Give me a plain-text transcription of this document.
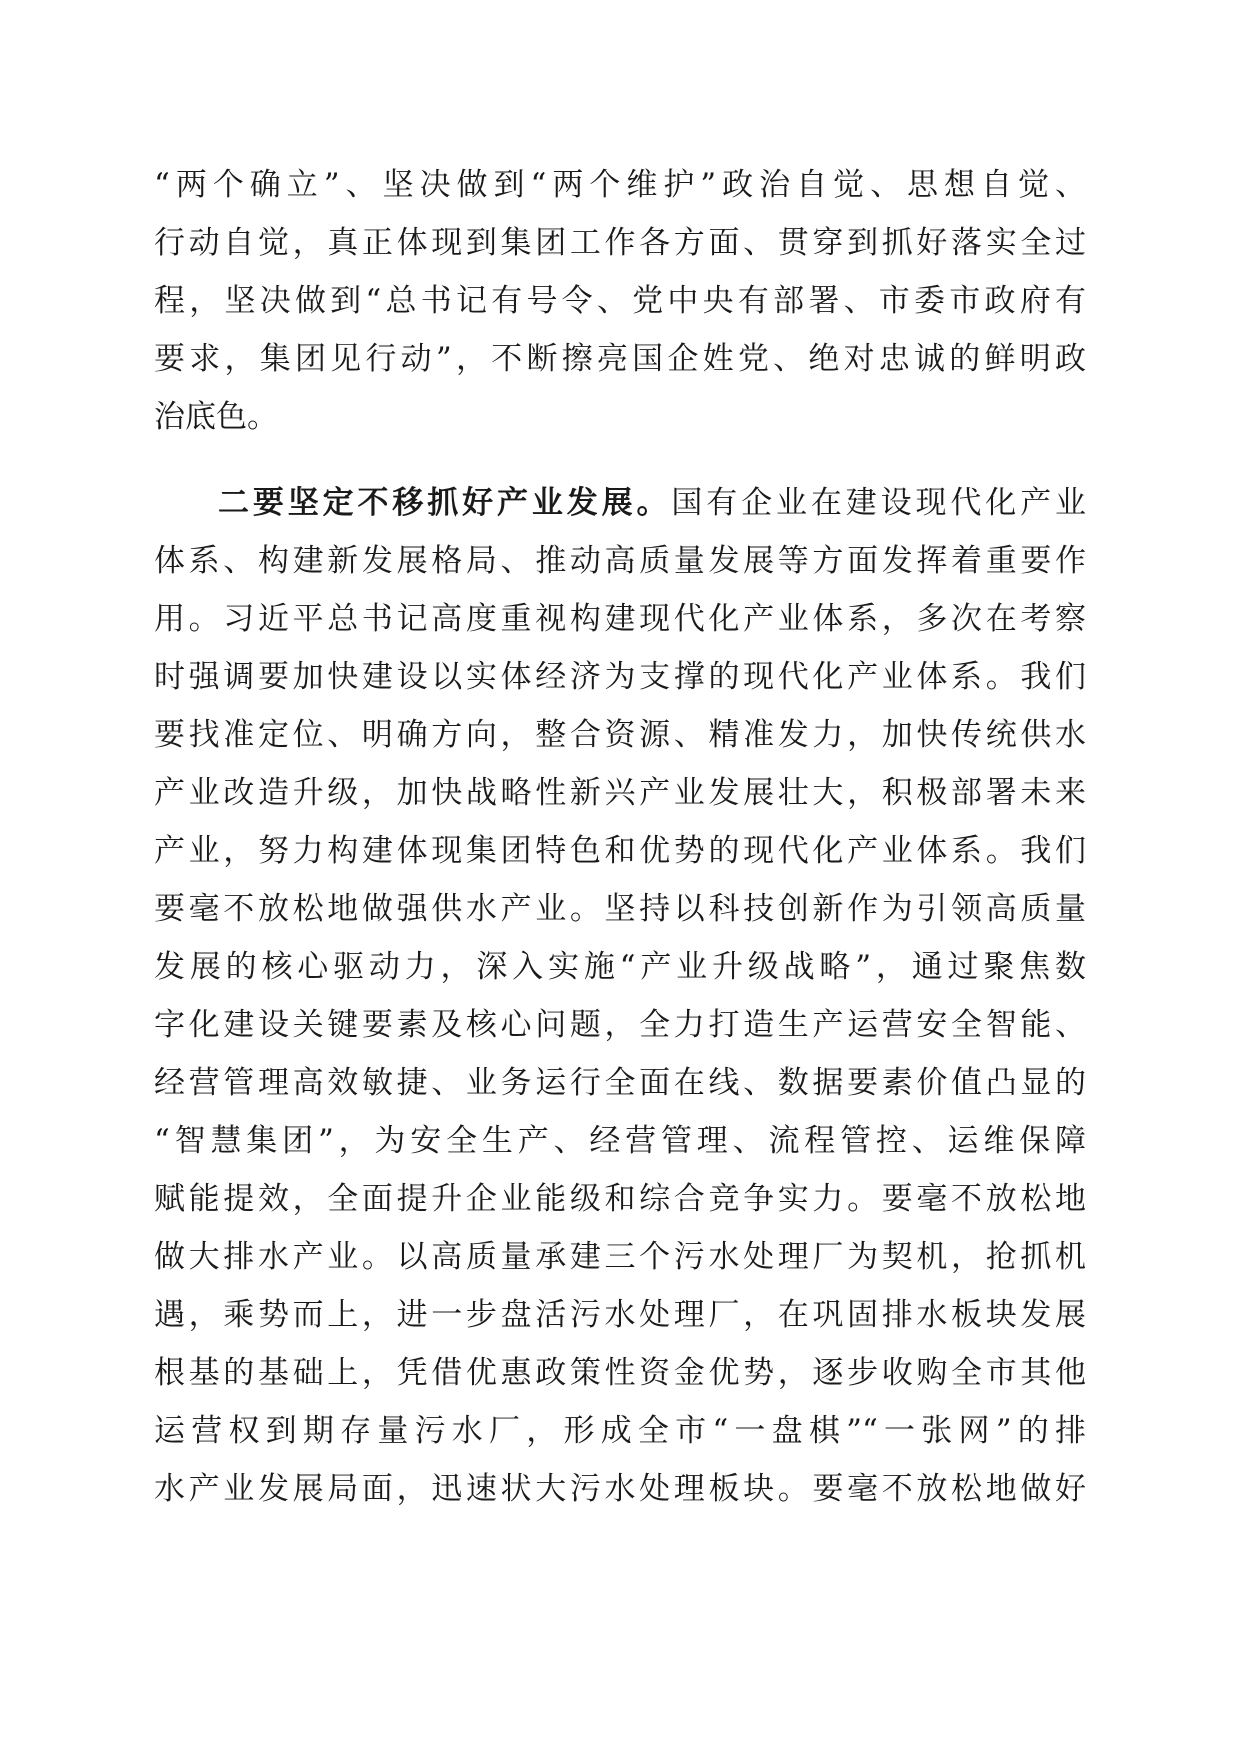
“两个确立”、坚决做到“两个维护”政治自觉、思想自觉、
行动自觉，真正体现到集团工作各方面、贯穿到抓好落实全过
程，坚决做到“总书记有号令、党中央有部署、市委市政府有
要求，集团见行动”，不断擦亮国企姓党、绝对忠诚的鲜明政
治底色。
二要坚定不移抓好产业发展。国有企业在建设现代化产业
体系、构建新发展格局、推动高质量发展等方面发挥着重要作
用。习近平总书记高度重视构建现代化产业体系，多次在考察
时强调要加快建设以实体经济为支撑的现代化产业体系。我们
要找准定位、明确方向，整合资源、精准发力，加快传统供水
产业改造升级，加快战略性新兴产业发展壮大，积极部署未来
产业，努力构建体现集团特色和优势的现代化产业体系。我们
要毫不放松地做强供水产业。坚持以科技创新作为引领高质量
发展的核心驱动力，深入实施“产业升级战略”，通过聚焦数
字化建设关键要素及核心问题，全力打造生产运营安全智能、
经营管理高效敏捷、业务运行全面在线、数据要素价值凸显的
“智慧集团”，为安全生产、经营管理、流程管控、运维保障
赋能提效，全面提升企业能级和综合竞争实力。要毫不放松地
做大排水产业。以高质量承建三个污水处理厂为契机，抢抓机
遇，乘势而上，进一步盘活污水处理厂，在巩固排水板块发展
根基的基础上，凭借优惠政策性资金优势，逐步收购全市其他
运营权到期存量污水厂，形成全市“一盘棋”“一张网”的排
水产业发展局面，迅速状大污水处理板块。要毫不放松地做好
